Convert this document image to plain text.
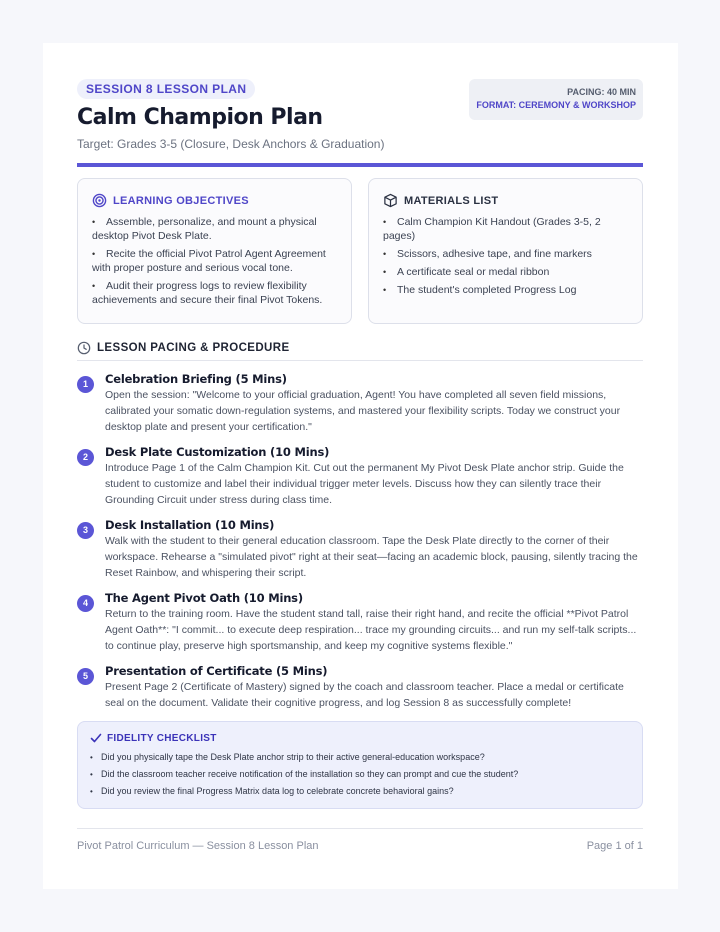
SESSION 8 LESSON PLAN
Calm Champion Plan
Target: Grades 3-5 (Closure, Desk Anchors & Graduation)
PACING: 40 MIN
FORMAT: CEREMONY & WORKSHOP
LEARNING OBJECTIVES
• Assemble, personalize, and mount a physical desktop Pivot Desk Plate.
• Recite the official Pivot Patrol Agent Agreement with proper posture and serious vocal tone.
• Audit their progress logs to review flexibility achievements and secure their final Pivot Tokens.
MATERIALS LIST
• Calm Champion Kit Handout (Grades 3-5, 2 pages)
• Scissors, adhesive tape, and fine markers
• A certificate seal or medal ribbon
• The student's completed Progress Log
LESSON PACING & PROCEDURE
1	Celebration Briefing (5 Mins)
Open the session: "Welcome to your official graduation, Agent! You have completed all seven field missions, calibrated your somatic down-regulation systems, and mastered your flexibility scripts. Today we construct your desktop plate and present your certification."
2	Desk Plate Customization (10 Mins)
Introduce Page 1 of the Calm Champion Kit. Cut out the permanent My Pivot Desk Plate anchor strip. Guide the student to customize and label their individual trigger meter levels. Discuss how they can silently trace their Grounding Circuit under stress during class time.
3	Desk Installation (10 Mins)
Walk with the student to their general education classroom. Tape the Desk Plate directly to the corner of their workspace. Rehearse a "simulated pivot" right at their seat—facing an academic block, pausing, silently tracing the Reset Rainbow, and whispering their script.
4	The Agent Pivot Oath (10 Mins)
Return to the training room. Have the student stand tall, raise their right hand, and recite the official **Pivot Patrol Agent Oath**: "I commit... to execute deep respiration... trace my grounding circuits... and run my self-talk scripts... to continue play, preserve high sportsmanship, and keep my cognitive systems flexible."
5	Presentation of Certificate (5 Mins)
Present Page 2 (Certificate of Mastery) signed by the coach and classroom teacher. Place a medal or certificate seal on the document. Validate their cognitive progress, and log Session 8 as successfully complete!
FIDELITY CHECKLIST
• Did you physically tape the Desk Plate anchor strip to their active general-education workspace?
• Did the classroom teacher receive notification of the installation so they can prompt and cue the student?
• Did you review the final Progress Matrix data log to celebrate concrete behavioral gains?
Pivot Patrol Curriculum — Session 8 Lesson Plan	Page 1 of 1
